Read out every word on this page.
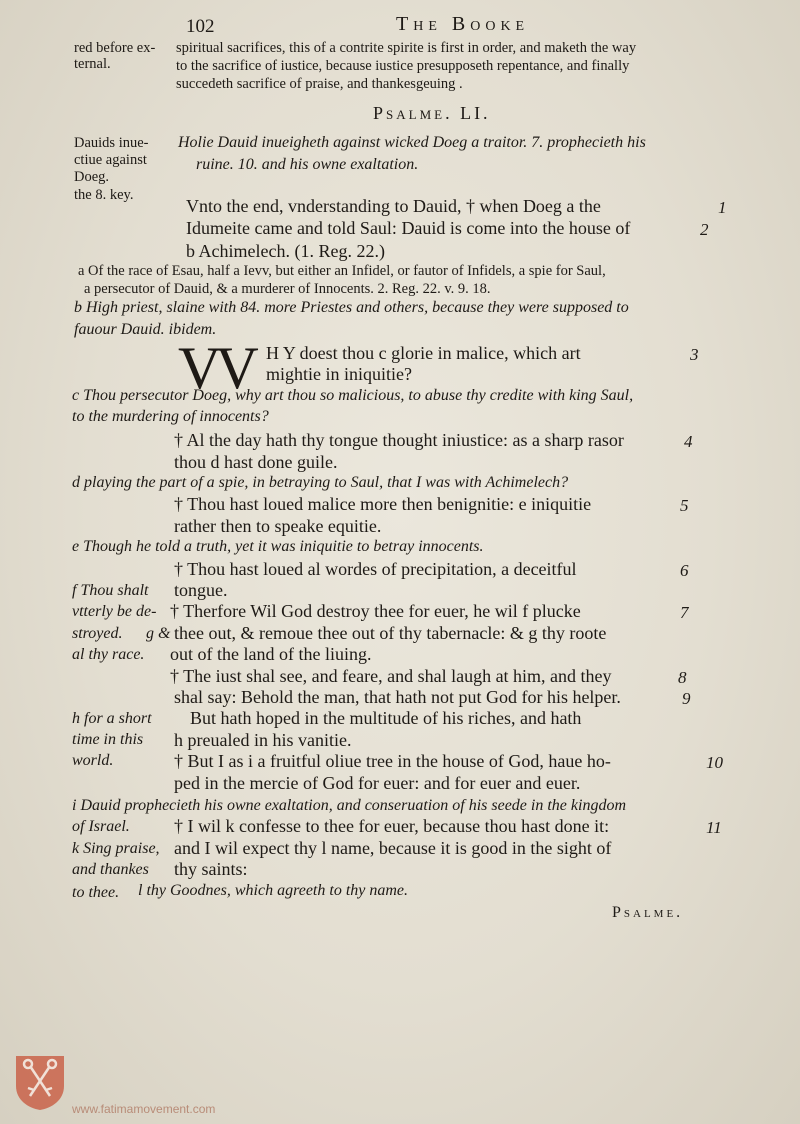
102	The Booke
red before ex-
ternal.
spiritual sacrifices, this of a contrite spirite is first in order, and maketh the way
to the sacrifice of iustice, because iustice presupposeth repentance, and finally
succedeth sacrifice of praise, and thankesgeuing .
Psalme. LI.
Dauids inue-
ctiue against
Doeg.
the 8. key.
Holie Dauid inueigheth against wicked Doeg a traitor. 7. prophecieth his
ruine. 10. and his owne exaltation.
Vnto the end, vnderstanding to Dauid, † when Doeg a the	1
Idumeite came and told Saul: Dauid is come into the house of	2
b Achimelech. (1. Reg. 22.)
a Of the race of Esau, half a Ievv, but either an Infidel, or fautor of Infidels, a spie for Saul,
a persecutor of Dauid, & a murderer of Innocents. 2. Reg. 22. v. 9. 18.
b High priest, slaine with 84. more Priestes and others, because they were supposed to
fauour Dauid. ibidem.
VV H Y doest thou c glorie in malice, which art	3
mightie in iniquitie?
c Thou persecutor Doeg, why art thou so malicious, to abuse thy credite with king Saul,
to the murdering of innocents?
† Al the day hath thy tongue thought iniustice: as a sharp rasor	4
thou d hast done guile.
d playing the part of a spie, in betraying to Saul, that I was with Achimelech?
† Thou hast loued malice more then benignitie: e iniquitie	5
rather then to speake equitie.
e Though he told a truth, yet it was iniquitie to betray innocents.
† Thou hast loued al wordes of precipitation, a deceitful	6
f Thou shalt tongue.
vtterly be de- † Therfore Wil God destroy thee for euer, he wil f plucke	7
stroyed. g & thee out, & remoue thee out of thy tabernacle: & g thy roote
al thy race. out of the land of the liuing.
† The iust shal see, and feare, and shal laugh at him, and they	8
shal say: Behold the man, that hath not put God for his helper.	9
h for a short But hath hoped in the multitude of his riches, and hath
time in this h preualed in his vanitie.
world.	† But I as i a fruitful oliue tree in the house of God, haue ho-	10
ped in the mercie of God for euer: and for euer and euer.
i Dauid prophecieth his owne exaltation, and conseruation of his seede in the kingdom
of Israel. † I wil k confesse to thee for euer, because thou hast done it:	11
k Sing praise, and I wil expect thy l name, because it is good in the sight of
and thankes thy saints:
to thee. l thy Goodnes, which agreeth to thy name.
Psalme.
www.fatimamovement.com
